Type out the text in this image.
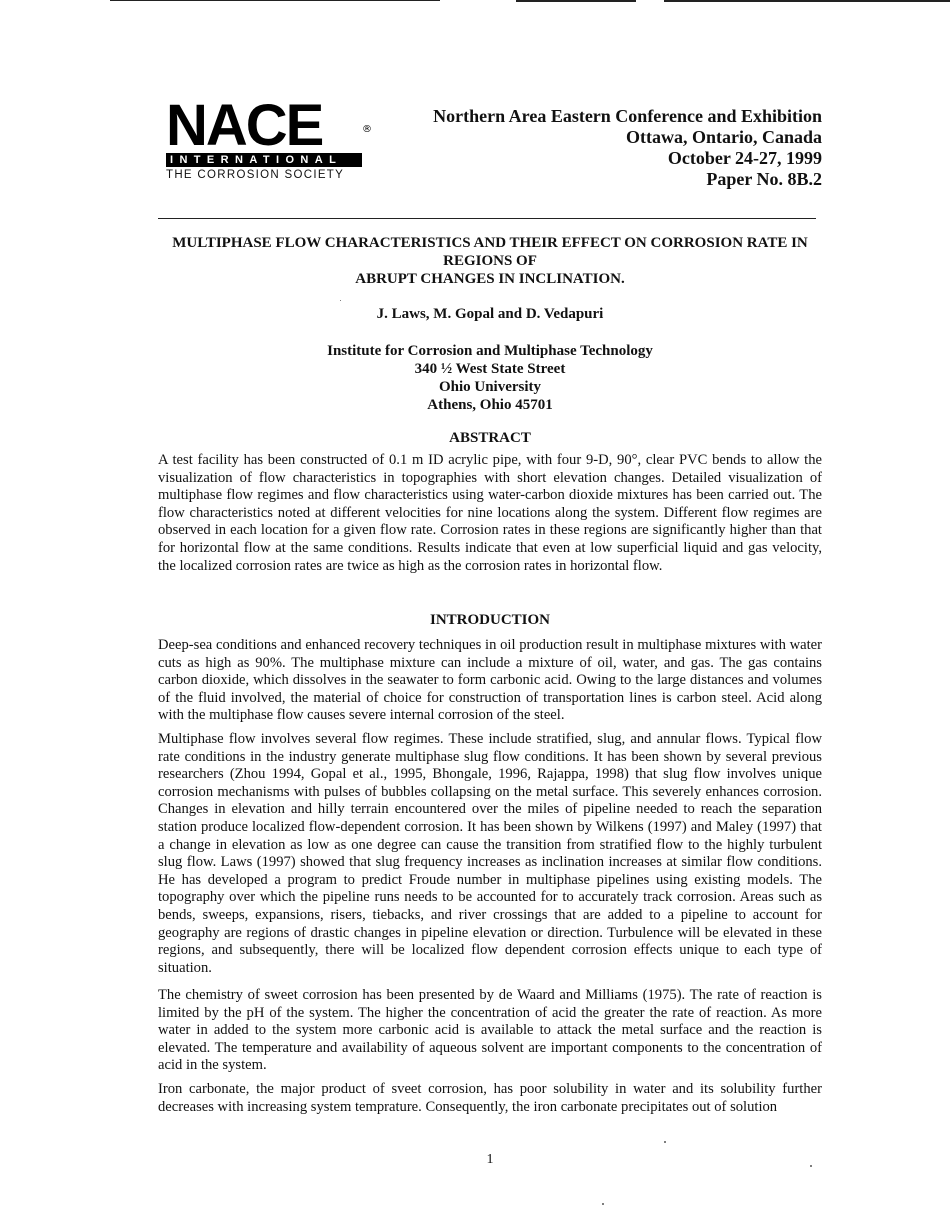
NACE	®
INTERNATIONAL
THE CORROSION SOCIETY
Northern Area Eastern Conference and Exhibition
Ottawa, Ontario, Canada
October 24-27, 1999
Paper No. 8B.2
MULTIPHASE FLOW CHARACTERISTICS AND THEIR EFFECT ON CORROSION RATE IN
REGIONS OF
ABRUPT CHANGES IN INCLINATION.
J. Laws, M. Gopal and D. Vedapuri
Institute for Corrosion and Multiphase Technology
340 ½ West State Street
Ohio University
Athens, Ohio 45701
ABSTRACT
A test facility has been constructed of 0.1 m ID acrylic pipe, with four 9-D, 90°, clear PVC bends to allow the visualization of flow characteristics in topographies with short elevation changes. Detailed visualization of multiphase flow regimes and flow characteristics using water-carbon dioxide mixtures has been carried out. The flow characteristics noted at different velocities for nine locations along the system. Different flow regimes are observed in each location for a given flow rate. Corrosion rates in these regions are significantly higher than that for horizontal flow at the same conditions. Results indicate that even at low superficial liquid and gas velocity, the localized corrosion rates are twice as high as the corrosion rates in horizontal flow.
INTRODUCTION
Deep-sea conditions and enhanced recovery techniques in oil production result in multiphase mixtures with water cuts as high as 90%. The multiphase mixture can include a mixture of oil, water, and gas. The gas contains carbon dioxide, which dissolves in the seawater to form carbonic acid. Owing to the large distances and volumes of the fluid involved, the material of choice for construction of transportation lines is carbon steel. Acid along with the multiphase flow causes severe internal corrosion of the steel.
Multiphase flow involves several flow regimes. These include stratified, slug, and annular flows. Typical flow rate conditions in the industry generate multiphase slug flow conditions. It has been shown by several previous researchers (Zhou 1994, Gopal et al., 1995, Bhongale, 1996, Rajappa, 1998) that slug flow involves unique corrosion mechanisms with pulses of bubbles collapsing on the metal surface. This severely enhances corrosion. Changes in elevation and hilly terrain encountered over the miles of pipeline needed to reach the separation station produce localized flow-dependent corrosion. It has been shown by Wilkens (1997) and Maley (1997) that a change in elevation as low as one degree can cause the transition from stratified flow to the highly turbulent slug flow. Laws (1997) showed that slug frequency increases as inclination increases at similar flow conditions. He has developed a program to predict Froude number in multiphase pipelines using existing models. The topography over which the pipeline runs needs to be accounted for to accurately track corrosion. Areas such as bends, sweeps, expansions, risers, tiebacks, and river crossings that are added to a pipeline to account for geography are regions of drastic changes in pipeline elevation or direction. Turbulence will be elevated in these regions, and subsequently, there will be localized flow dependent corrosion effects unique to each type of situation.
The chemistry of sweet corrosion has been presented by de Waard and Milliams (1975). The rate of reaction is limited by the pH of the system. The higher the concentration of acid the greater the rate of reaction. As more water in added to the system more carbonic acid is available to attack the metal surface and the reaction is elevated. The temperature and availability of aqueous solvent are important components to the concentration of acid in the system.
Iron carbonate, the major product of sveet corrosion, has poor solubility in water and its solubility further decreases with increasing system temprature. Consequently, the iron carbonate precipitates out of solution
1
